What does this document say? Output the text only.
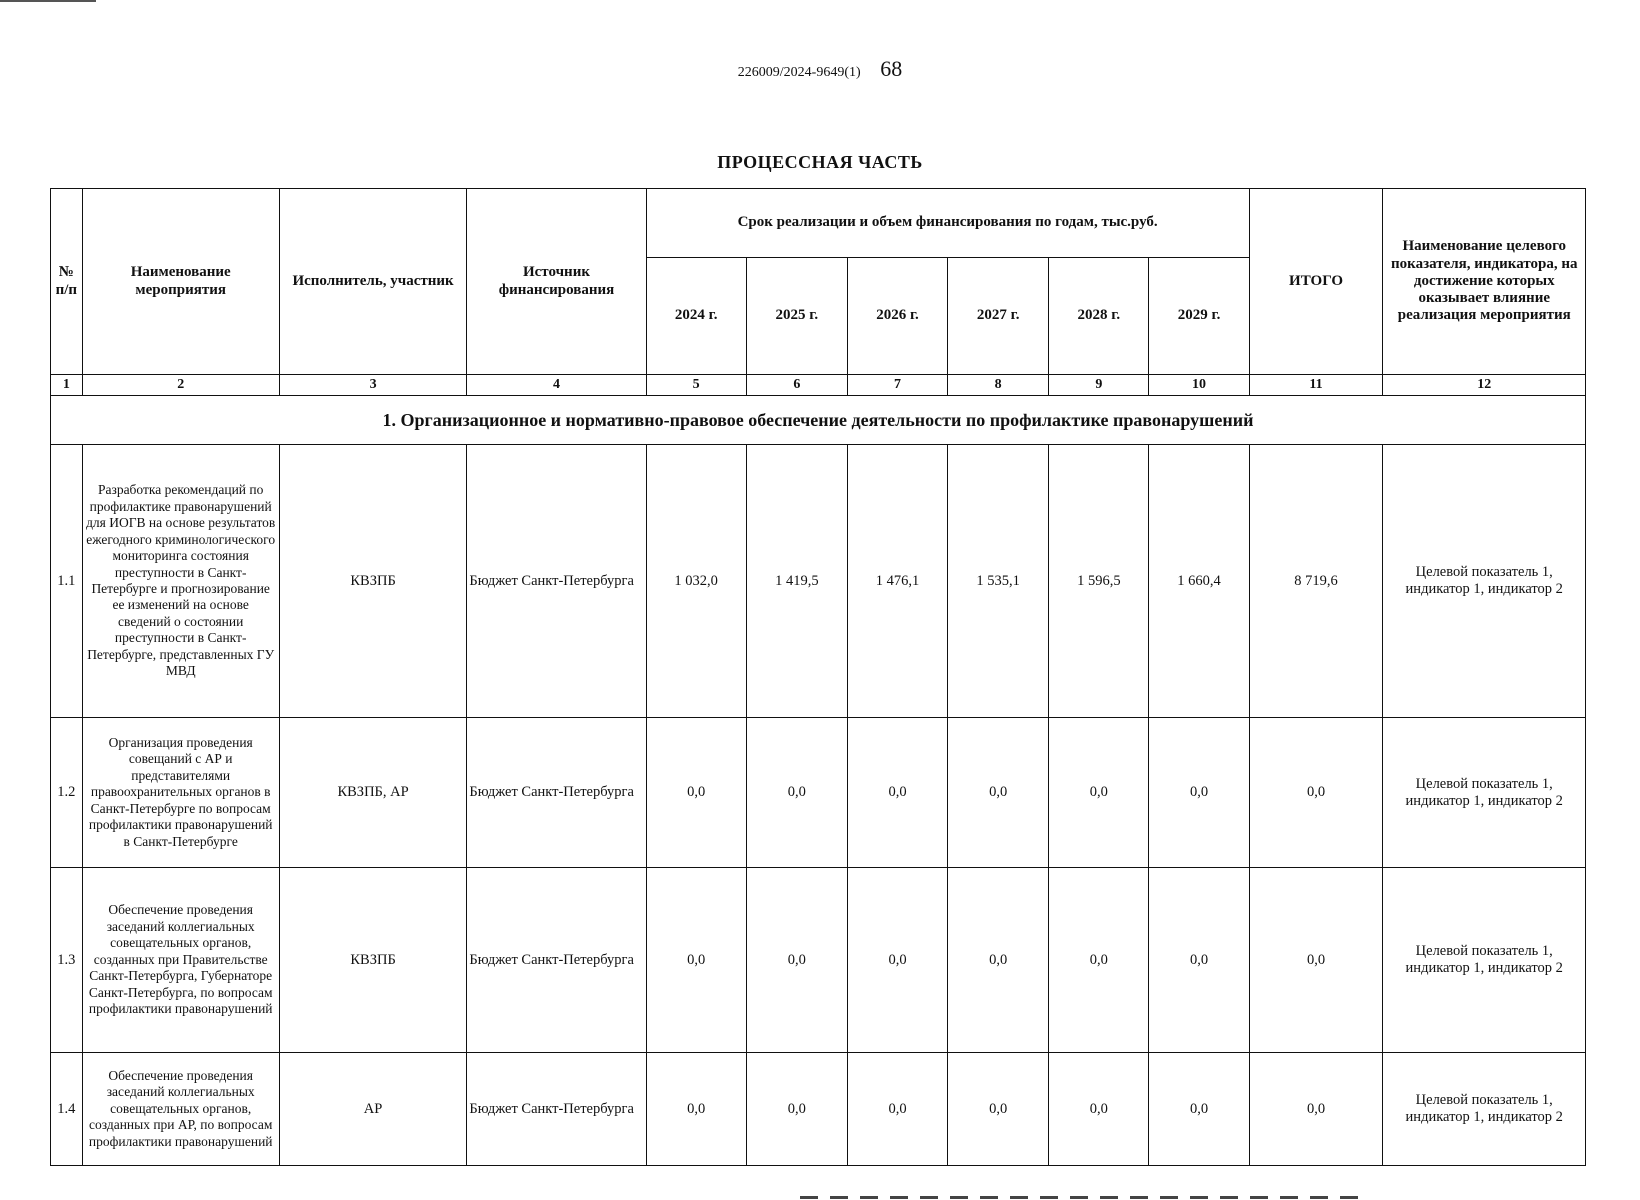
226009/2024-9649(1) 68
ПРОЦЕССНАЯ ЧАСТЬ
№ п/п	Наименование мероприятия	Исполнитель, участник	Источник финансирования	Срок реализации и объем финансирования по годам, тыс.руб.						ИТОГО	Наименование целевого показателя, индикатора, на достижение которых оказывает влияние реализация мероприятия
				2024 г.	2025 г.	2026 г.	2027 г.	2028 г.	2029 г.		
1	2	3	4	5	6	7	8	9	10	11	12
1. Организационное и нормативно-правовое обеспечение деятельности по профилактике правонарушений											
1.1	Разработка рекомендаций по профилактике правонарушений для ИОГВ на основе результатов ежегодного криминологического мониторинга состояния преступности в Санкт-Петербурге и прогнозирование ее изменений на основе сведений о состоянии преступности в Санкт-Петербурге, представленных ГУ МВД	КВЗПБ	Бюджет Санкт-Петербурга	1 032,0	1 419,5	1 476,1	1 535,1	1 596,5	1 660,4	8 719,6	Целевой показатель 1, индикатор 1, индикатор 2
1.2	Организация проведения совещаний с АР и представителями правоохранительных органов в Санкт-Петербурге по вопросам профилактики правонарушений в Санкт-Петербурге	КВЗПБ, АР	Бюджет Санкт-Петербурга	0,0	0,0	0,0	0,0	0,0	0,0	0,0	Целевой показатель 1, индикатор 1, индикатор 2
1.3	Обеспечение проведения заседаний коллегиальных совещательных органов, созданных при Правительстве Санкт-Петербурга, Губернаторе Санкт-Петербурга, по вопросам профилактики правонарушений	КВЗПБ	Бюджет Санкт-Петербурга	0,0	0,0	0,0	0,0	0,0	0,0	0,0	Целевой показатель 1, индикатор 1, индикатор 2
1.4	Обеспечение проведения заседаний коллегиальных совещательных органов, созданных при АР, по вопросам профилактики правонарушений	АР	Бюджет Санкт-Петербурга	0,0	0,0	0,0	0,0	0,0	0,0	0,0	Целевой показатель 1, индикатор 1, индикатор 2
